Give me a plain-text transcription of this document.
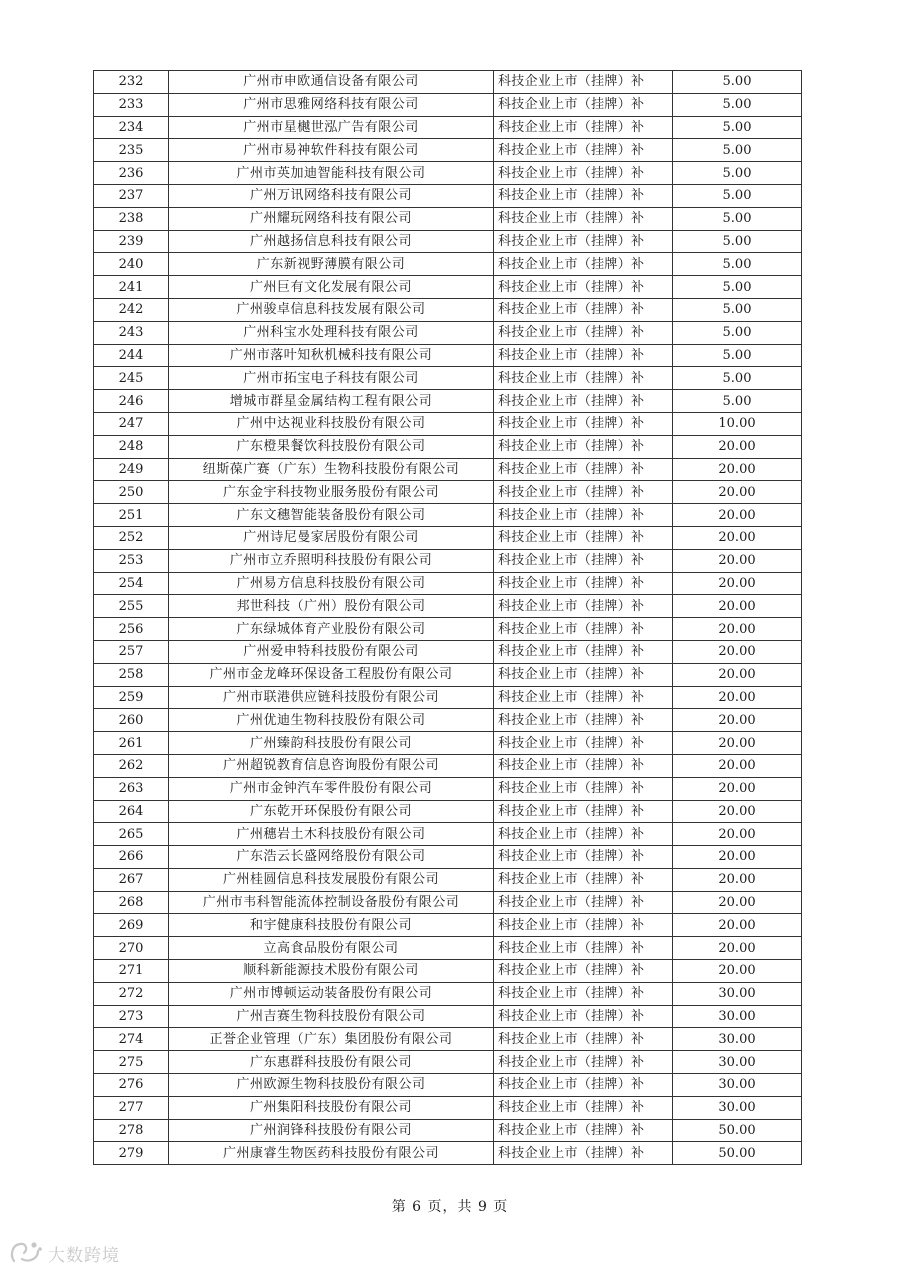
232	广州市申欧通信设备有限公司	科技企业上市（挂牌）补	5.00
233	广州市思雅网络科技有限公司	科技企业上市（挂牌）补	5.00
234	广州市星樾世泓广告有限公司	科技企业上市（挂牌）补	5.00
235	广州市易神软件科技有限公司	科技企业上市（挂牌）补	5.00
236	广州市英加迪智能科技有限公司	科技企业上市（挂牌）补	5.00
237	广州万讯网络科技有限公司	科技企业上市（挂牌）补	5.00
238	广州耀玩网络科技有限公司	科技企业上市（挂牌）补	5.00
239	广州越扬信息科技有限公司	科技企业上市（挂牌）补	5.00
240	广东新视野薄膜有限公司	科技企业上市（挂牌）补	5.00
241	广州巨有文化发展有限公司	科技企业上市（挂牌）补	5.00
242	广州骏卓信息科技发展有限公司	科技企业上市（挂牌）补	5.00
243	广州科宝水处理科技有限公司	科技企业上市（挂牌）补	5.00
244	广州市落叶知秋机械科技有限公司	科技企业上市（挂牌）补	5.00
245	广州市拓宝电子科技有限公司	科技企业上市（挂牌）补	5.00
246	增城市群星金属结构工程有限公司	科技企业上市（挂牌）补	5.00
247	广州中达视业科技股份有限公司	科技企业上市（挂牌）补	10.00
248	广东橙果餐饮科技股份有限公司	科技企业上市（挂牌）补	20.00
249	纽斯葆广赛（广东）生物科技股份有限公司	科技企业上市（挂牌）补	20.00
250	广东金宇科技物业服务股份有限公司	科技企业上市（挂牌）补	20.00
251	广东文穗智能装备股份有限公司	科技企业上市（挂牌）补	20.00
252	广州诗尼曼家居股份有限公司	科技企业上市（挂牌）补	20.00
253	广州市立乔照明科技股份有限公司	科技企业上市（挂牌）补	20.00
254	广州易方信息科技股份有限公司	科技企业上市（挂牌）补	20.00
255	邦世科技（广州）股份有限公司	科技企业上市（挂牌）补	20.00
256	广东绿城体育产业股份有限公司	科技企业上市（挂牌）补	20.00
257	广州爱申特科技股份有限公司	科技企业上市（挂牌）补	20.00
258	广州市金龙峰环保设备工程股份有限公司	科技企业上市（挂牌）补	20.00
259	广州市联港供应链科技股份有限公司	科技企业上市（挂牌）补	20.00
260	广州优迪生物科技股份有限公司	科技企业上市（挂牌）补	20.00
261	广州臻韵科技股份有限公司	科技企业上市（挂牌）补	20.00
262	广州超锐教育信息咨询股份有限公司	科技企业上市（挂牌）补	20.00
263	广州市金钟汽车零件股份有限公司	科技企业上市（挂牌）补	20.00
264	广东乾开环保股份有限公司	科技企业上市（挂牌）补	20.00
265	广州穗岩土木科技股份有限公司	科技企业上市（挂牌）补	20.00
266	广东浩云长盛网络股份有限公司	科技企业上市（挂牌）补	20.00
267	广州桂圆信息科技发展股份有限公司	科技企业上市（挂牌）补	20.00
268	广州市韦科智能流体控制设备股份有限公司	科技企业上市（挂牌）补	20.00
269	和宇健康科技股份有限公司	科技企业上市（挂牌）补	20.00
270	立高食品股份有限公司	科技企业上市（挂牌）补	20.00
271	顺科新能源技术股份有限公司	科技企业上市（挂牌）补	20.00
272	广州市博顿运动装备股份有限公司	科技企业上市（挂牌）补	30.00
273	广州吉赛生物科技股份有限公司	科技企业上市（挂牌）补	30.00
274	正誉企业管理（广东）集团股份有限公司	科技企业上市（挂牌）补	30.00
275	广东惠群科技股份有限公司	科技企业上市（挂牌）补	30.00
276	广州欧源生物科技股份有限公司	科技企业上市（挂牌）补	30.00
277	广州集阳科技股份有限公司	科技企业上市（挂牌）补	30.00
278	广州润锋科技股份有限公司	科技企业上市（挂牌）补	50.00
279	广州康睿生物医药科技股份有限公司	科技企业上市（挂牌）补	50.00
第 6 页，共 9 页
大数跨境
